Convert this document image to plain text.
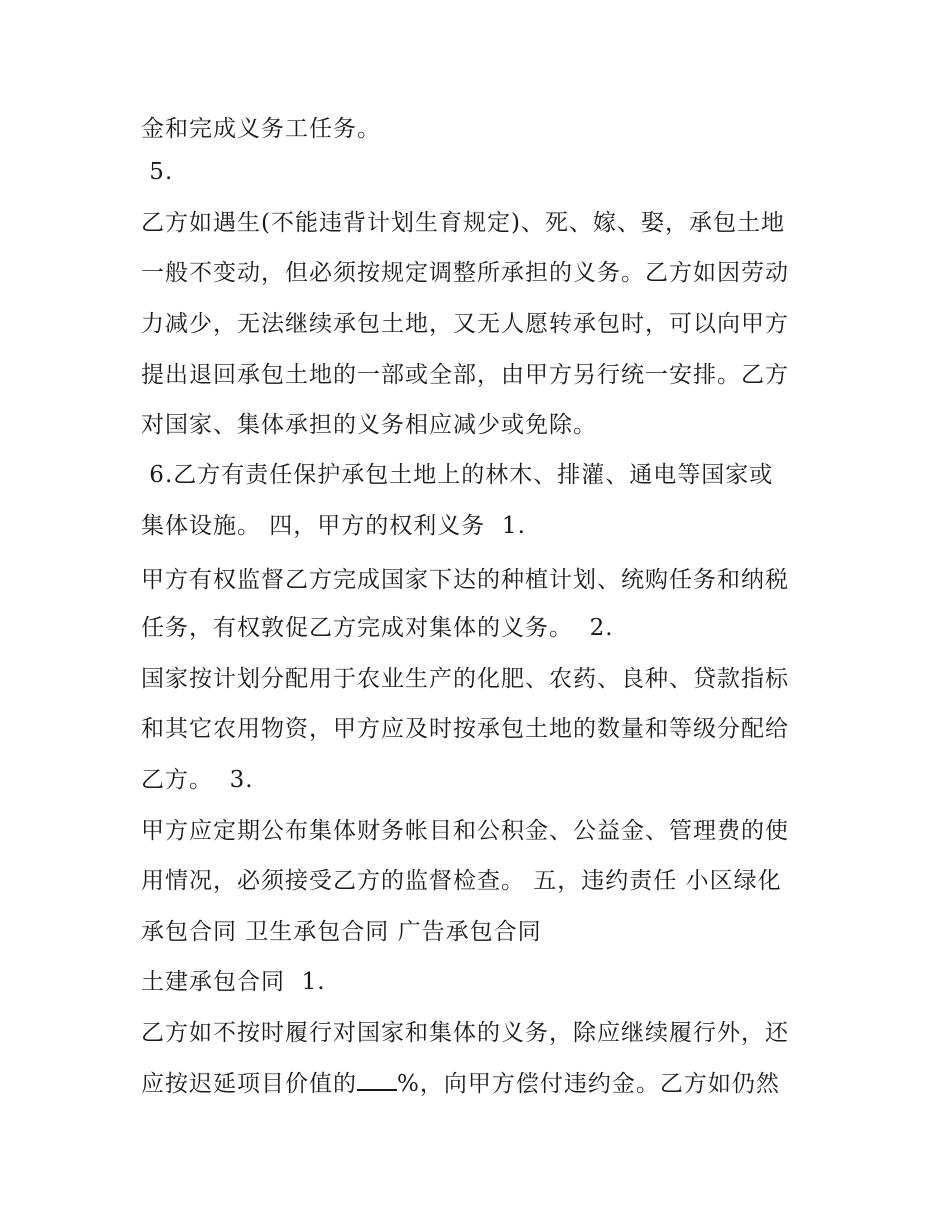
金和完成义务工任务。
5.
乙方如遇生(不能违背计划生育规定)、死、嫁、娶，承包土地
一般不变动，但必须按规定调整所承担的义务。乙方如因劳动
力减少，无法继续承包土地，又无人愿转承包时，可以向甲方
提出退回承包土地的一部或全部，由甲方另行统一安排。乙方
对国家、集体承担的义务相应减少或免除。
6.乙方有责任保护承包土地上的林木、排灌、通电等国家或
集体设施。 四，甲方的权利义务  1.
甲方有权监督乙方完成国家下达的种植计划、统购任务和纳税
任务，有权敦促乙方完成对集体的义务。  2.
国家按计划分配用于农业生产的化肥、农药、良种、贷款指标
和其它农用物资，甲方应及时按承包土地的数量和等级分配给
乙方。  3.
甲方应定期公布集体财务帐目和公积金、公益金、管理费的使
用情况，必须接受乙方的监督检查。 五，违约责任 小区绿化
承包合同 卫生承包合同 广告承包合同
土建承包合同  1.
乙方如不按时履行对国家和集体的义务，除应继续履行外，还
应按迟延项目价值的 %，向甲方偿付违约金。乙方如仍然
